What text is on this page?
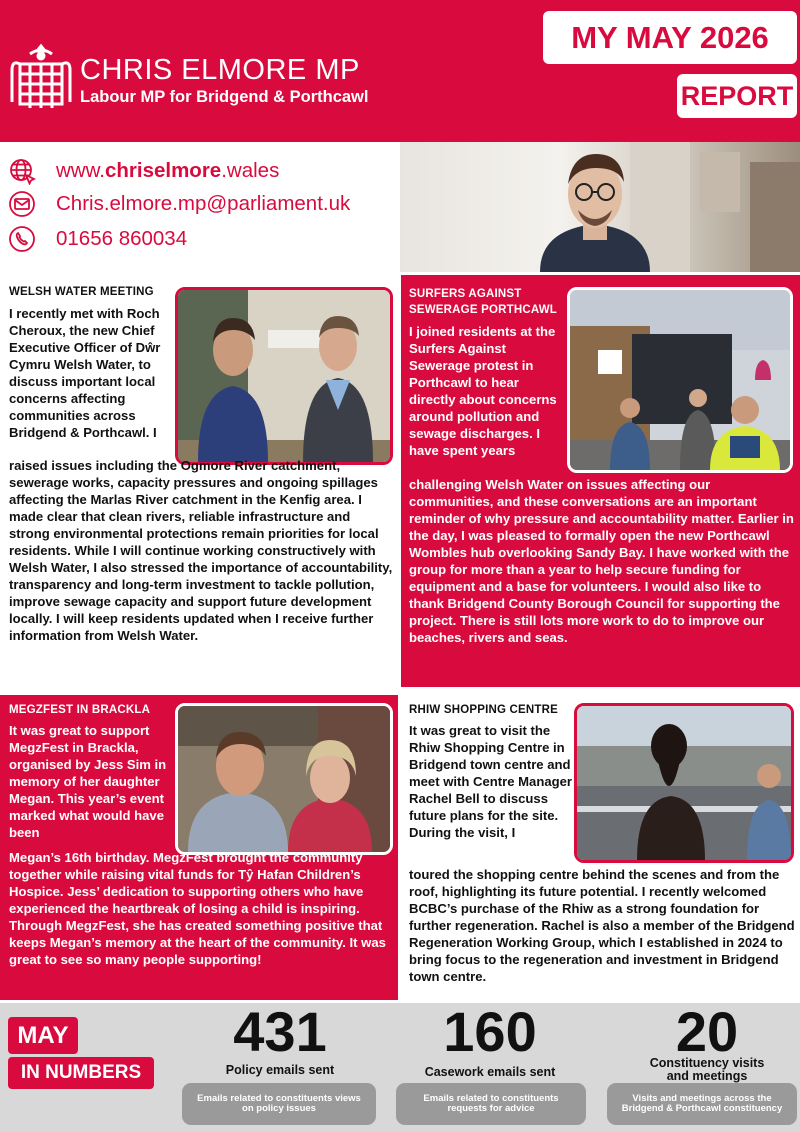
CHRIS ELMORE MP
Labour MP for Bridgend & Porthcawl
MY MAY 2026
REPORT
www.chriselmore.wales
Chris.elmore.mp@parliament.uk
01656 860034
WELSH WATER MEETING
I recently met with Roch Cheroux, the new Chief Executive Officer of Dŵr Cymru Welsh Water, to discuss important local concerns affecting communities across Bridgend & Porthcawl. I
raised issues including the Ogmore River catchment, sewerage works, capacity pressures and ongoing spillages affecting the Marlas River catchment in the Kenfig area. I made clear that clean rivers, reliable infrastructure and strong environmental protections remain priorities for local residents. While I will continue working constructively with Welsh Water, I also stressed the importance of accountability, transparency and long-term investment to tackle pollution, improve sewage capacity and support future development locally. I will keep residents updated when I receive further information from Welsh Water.
SURFERS AGAINST SEWERAGE PORTHCAWL
I joined residents at the Surfers Against Sewerage protest in Porthcawl to hear directly about concerns around pollution and sewage discharges. I have spent years
challenging Welsh Water on issues affecting our communities, and these conversations are an important reminder of why pressure and accountability matter. Earlier in the day, I was pleased to formally open the new Porthcawl Wombles hub overlooking Sandy Bay. I have worked with the group for more than a year to help secure funding for equipment and a base for volunteers. I would also like to thank Bridgend County Borough Council for supporting the project. There is still lots more work to do to improve our beaches, rivers and seas.
MEGZFEST IN BRACKLA
It was great to support MegzFest in Brackla, organised by Jess Sim in memory of her daughter Megan. This year’s event marked what would have been
Megan’s 16th birthday. MegzFest brought the community together while raising vital funds for Tŷ Hafan Children’s Hospice. Jess’ dedication to supporting others who have experienced the heartbreak of losing a child is inspiring. Through MegzFest, she has created something positive that keeps Megan’s memory at the heart of the community. It was great to see so many people supporting!
RHIW SHOPPING CENTRE
It was great to visit the Rhiw Shopping Centre in Bridgend town centre and meet with Centre Manager Rachel Bell to discuss future plans for the site. During the visit, I
toured the shopping centre behind the scenes and from the roof, highlighting its future potential. I recently welcomed BCBC’s purchase of the Rhiw as a strong foundation for further regeneration. Rachel is also a member of the Bridgend Regeneration Working Group, which I established in 2024 to bring focus to the regeneration and investment in Bridgend town centre.
MAY
IN NUMBERS
431
Policy emails sent
Emails related to constituents views on policy issues
160
Casework emails sent
Emails related to constituents requests for advice
20
Constituency visits and meetings
Visits and meetings across the Bridgend & Porthcawl constituency
